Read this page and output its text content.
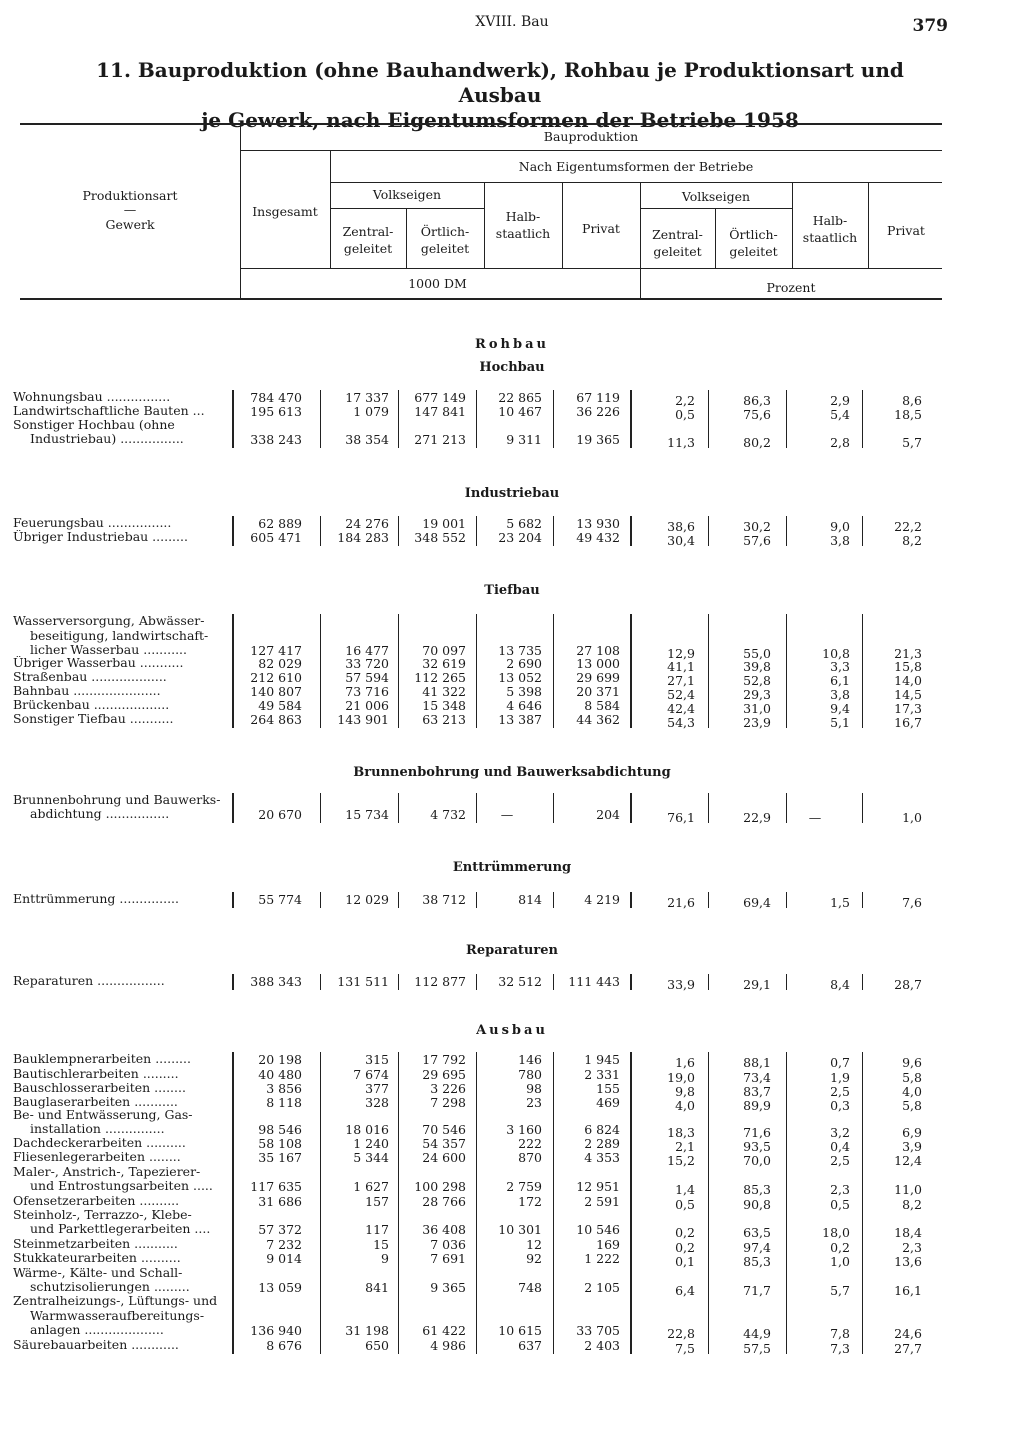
XVIII. Bau	379
11. Bauproduktion (ohne Bauhandwerk), Rohbau je Produktionsart und Ausbau
je Gewerk, nach Eigentumsformen der Betriebe 1958
Produktionsart
—
Gewerk
Bauproduktion
Insgesamt
Nach Eigentumsformen der Betriebe
Volkseigen	Volkseigen
Zentral-
geleitet
Örtlich-
geleitet
Halb-
staatlich	Privat	Zentral-
geleitet
Örtlich-
geleitet
Halb-
staatlich	Privat
1000 DM	Prozent
Rohbau
Hochbau
Wohnungsbau ................	784 470	17 337	677 149	22 865	67 119	2,2	86,3	2,9	8,6
Landwirtschaftliche Bauten ...	195 613	1 079	147 841	10 467	36 226	0,5	75,6	5,4	18,5
Sonstiger Hochbau (ohne
Industriebau) ................	338 243	38 354	271 213	9 311	19 365	11,3	80,2	2,8	5,7
Industriebau
Feuerungsbau ................	62 889	24 276	19 001	5 682	13 930	38,6	30,2	9,0	22,2
Übriger Industriebau .........	605 471	184 283	348 552	23 204	49 432	30,4	57,6	3,8	8,2
Tiefbau
Wasserversorgung, Abwässer-
beseitigung, landwirtschaft-
licher Wasserbau ...........	127 417	16 477	70 097	13 735	27 108	12,9	55,0	10,8	21,3
Übriger Wasserbau ...........	82 029	33 720	32 619	2 690	13 000	41,1	39,8	3,3	15,8
Straßenbau ...................	212 610	57 594	112 265	13 052	29 699	27,1	52,8	6,1	14,0
Bahnbau ......................	140 807	73 716	41 322	5 398	20 371	52,4	29,3	3,8	14,5
Brückenbau ...................	49 584	21 006	15 348	4 646	8 584	42,4	31,0	9,4	17,3
Sonstiger Tiefbau ...........	264 863	143 901	63 213	13 387	44 362	54,3	23,9	5,1	16,7
Brunnenbohrung und Bauwerksabdichtung
Brunnenbohrung und Bauwerks-
abdichtung ................	20 670	15 734	4 732	—	204	76,1	22,9	—	1,0
Enttrümmerung
Enttrümmerung ...............	55 774	12 029	38 712	814	4 219	21,6	69,4	1,5	7,6
Reparaturen
Reparaturen .................	388 343	131 511	112 877	32 512	111 443	33,9	29,1	8,4	28,7
Ausbau
Bauklempnerarbeiten .........	20 198	315	17 792	146	1 945	1,6	88,1	0,7	9,6
Bautischlerarbeiten .........	40 480	7 674	29 695	780	2 331	19,0	73,4	1,9	5,8
Bauschlosserarbeiten ........	3 856	377	3 226	98	155	9,8	83,7	2,5	4,0
Bauglaserarbeiten ...........	8 118	328	7 298	23	469	4,0	89,9	0,3	5,8
Be- und Entwässerung, Gas-
installation ...............	98 546	18 016	70 546	3 160	6 824	18,3	71,6	3,2	6,9
Dachdeckerarbeiten ..........	58 108	1 240	54 357	222	2 289	2,1	93,5	0,4	3,9
Fliesenlegerarbeiten ........	35 167	5 344	24 600	870	4 353	15,2	70,0	2,5	12,4
Maler-, Anstrich-, Tapezierer-
und Entrostungsarbeiten .....	117 635	1 627	100 298	2 759	12 951	1,4	85,3	2,3	11,0
Ofensetzerarbeiten ..........	31 686	157	28 766	172	2 591	0,5	90,8	0,5	8,2
Steinholz-, Terrazzo-, Klebe-
und Parkettlegerarbeiten ....	57 372	117	36 408	10 301	10 546	0,2	63,5	18,0	18,4
Steinmetzarbeiten ...........	7 232	15	7 036	12	169	0,2	97,4	0,2	2,3
Stukkateurarbeiten ..........	9 014	9	7 691	92	1 222	0,1	85,3	1,0	13,6
Wärme-, Kälte- und Schall-
schutzisolierungen .........	13 059	841	9 365	748	2 105	6,4	71,7	5,7	16,1
Zentralheizungs-, Lüftungs- und
Warmwasseraufbereitungs-
anlagen ....................	136 940	31 198	61 422	10 615	33 705	22,8	44,9	7,8	24,6
Säurebauarbeiten ............	8 676	650	4 986	637	2 403	7,5	57,5	7,3	27,7
